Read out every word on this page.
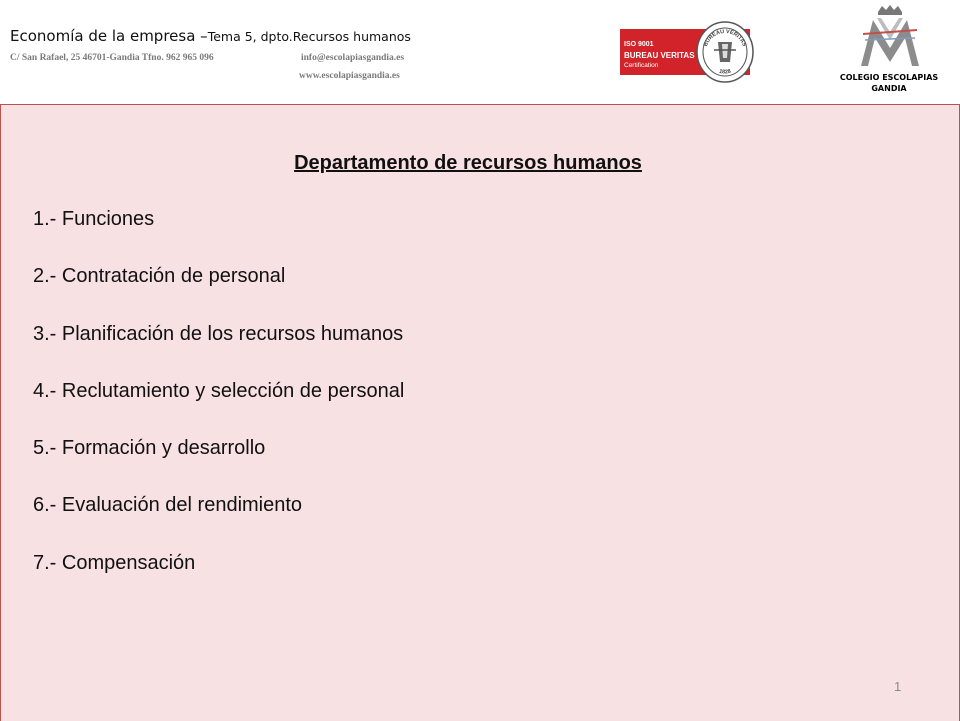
Economía de la empresa –Tema 5, dpto.Recursos humanos
C/ San Rafael, 25 46701-Gandia Tfno. 962 965 096	info@escolapiasgandia.es
www.escolapiasgandia.es
ISO 9001
BUREAU VERITAS
Certification
BUREAU VERITAS
1828
COLEGIO ESCOLAPIAS
GANDIA
Departamento de recursos humanos
1.- Funciones
2.- Contratación de personal
3.- Planificación de los recursos humanos
4.- Reclutamiento y selección de personal
5.- Formación y desarrollo
6.- Evaluación del rendimiento
7.- Compensación
1
